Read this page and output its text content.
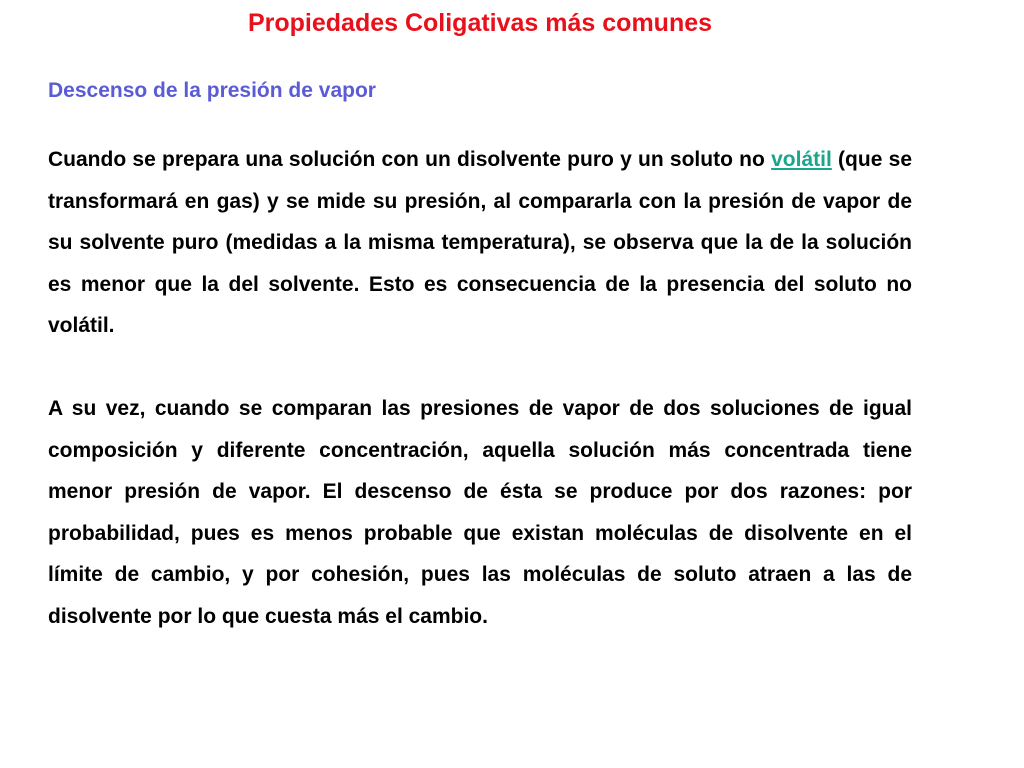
Propiedades Coligativas más comunes
Descenso de la presión de vapor

Cuando se prepara una solución con un disolvente puro y un soluto no volátil (que se transformará en gas) y se mide su presión, al compararla con la presión de vapor de su solvente puro (medidas a la misma temperatura), se observa que la de la solución es menor que la del solvente. Esto es consecuencia de la presencia del soluto no volátil.

A su vez, cuando se comparan las presiones de vapor de dos soluciones de igual composición y diferente concentración, aquella solución más concentrada tiene menor presión de vapor. El descenso de ésta se produce por dos razones: por probabilidad, pues es menos probable que existan moléculas de disolvente en el límite de cambio, y por cohesión, pues las moléculas de soluto atraen a las de disolvente por lo que cuesta más el cambio.
